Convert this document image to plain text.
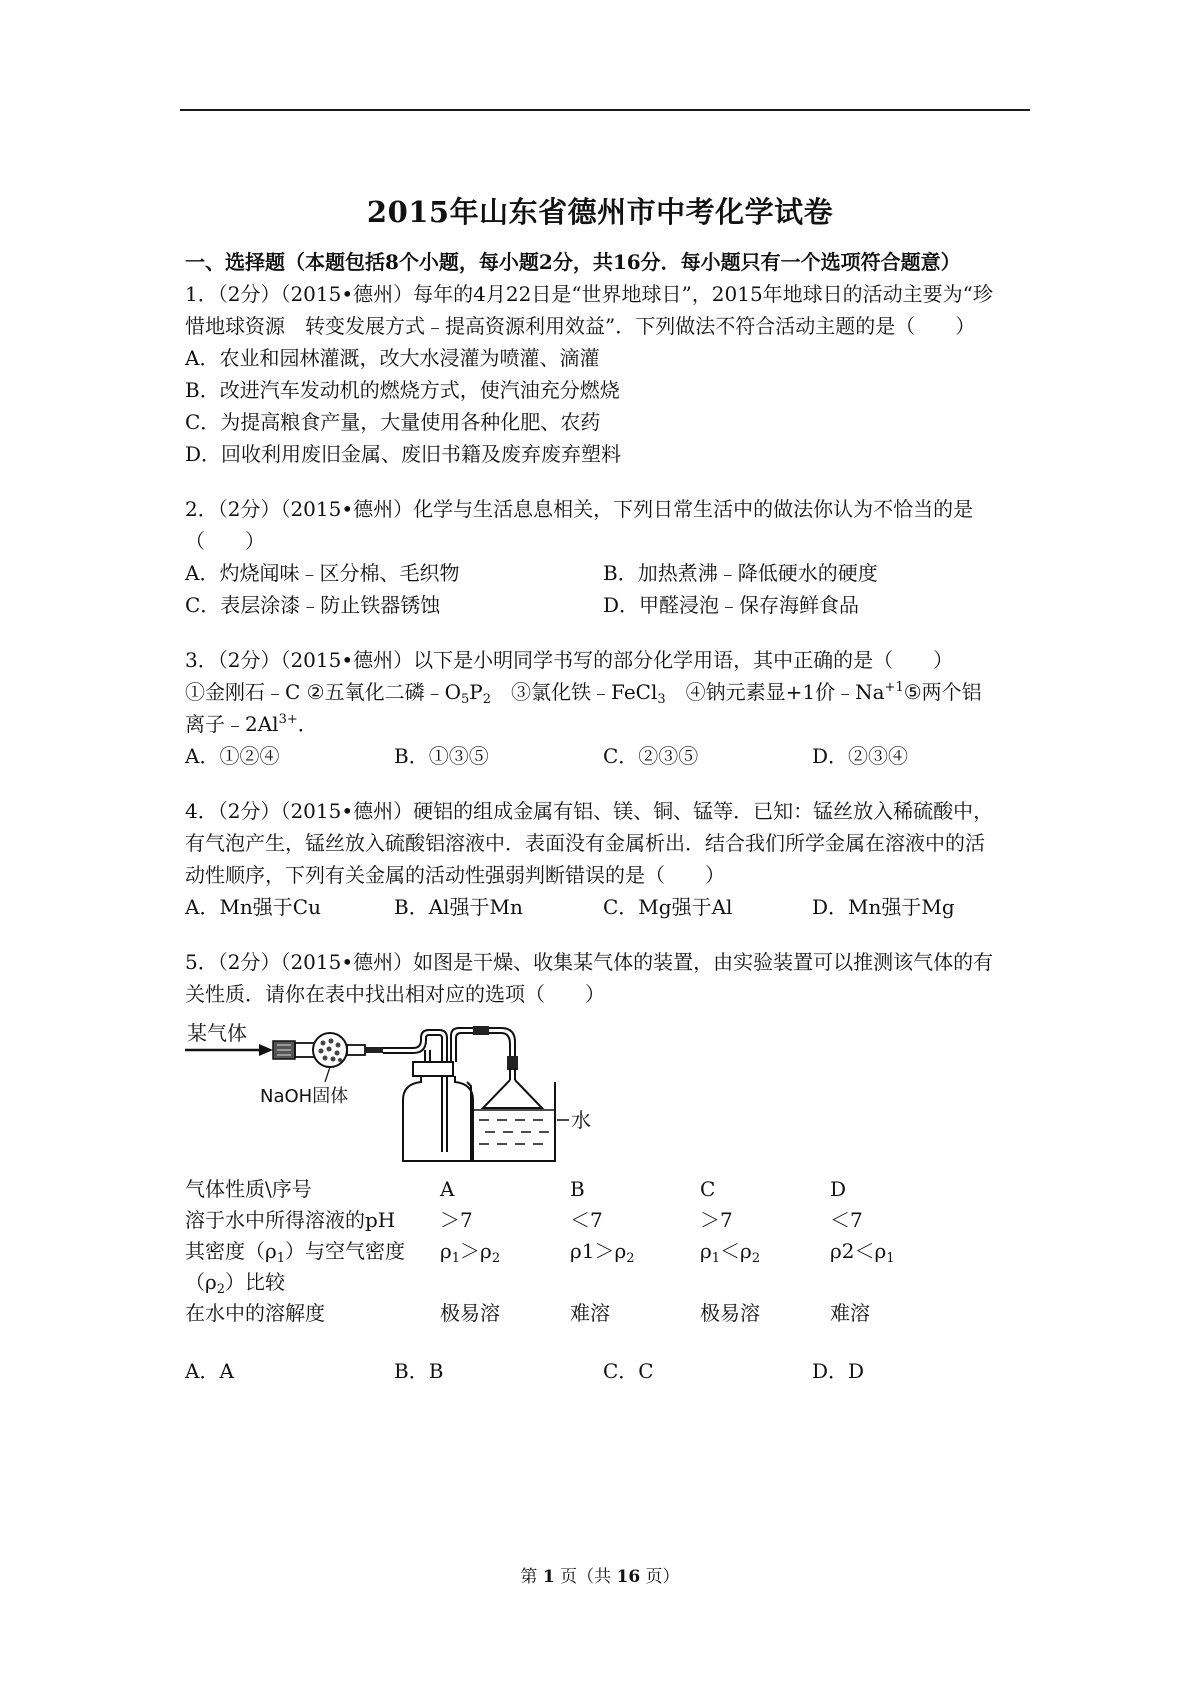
2015年山东省德州市中考化学试卷
一、选择题（本题包括8个小题，每小题2分，共16分．每小题只有一个选项符合题意）
1．（2分）（2015•德州）每年的4月22日是“世界地球日”，2015年地球日的活动主要为“珍
惜地球资源　转变发展方式﹣提高资源利用效益”．下列做法不符合活动主题的是（　　）
A．农业和园林灌溉，改大水浸灌为喷灌、滴灌
B．改进汽车发动机的燃烧方式，使汽油充分燃烧
C．为提高粮食产量，大量使用各种化肥、农药
D．回收利用废旧金属、废旧书籍及废弃废弃塑料
2．（2分）（2015•德州）化学与生活息息相关，下列日常生活中的做法你认为不恰当的是
（　　）
A．灼烧闻味﹣区分棉、毛织物	B．加热煮沸﹣降低硬水的硬度
C．表层涂漆﹣防止铁器锈蚀	D．甲醛浸泡﹣保存海鲜食品
3．（2分）（2015•德州）以下是小明同学书写的部分化学用语，其中正确的是（　　）
①金刚石﹣C ②五氧化二磷$﹣O_5P_2$　③氯化铁﹣FeCl$_3$　④钠元素显+1价$﹣Na^{+1}⑤$两个铝
离子$﹣2Al^{3+}$．
A．①②④	B．①③⑤	C．②③⑤	D．②③④
4．（2分）（2015•德州）硬铝的组成金属有铝、镁、铜、锰等．已知：锰丝放入稀硫酸中，
有气泡产生，锰丝放入硫酸铝溶液中．表面没有金属析出．结合我们所学金属在溶液中的活
动性顺序，下列有关金属的活动性强弱判断错误的是（　　）
A．Mn强于Cu	B．Al强于Mn	C．Mg强于Al	D．Mn强于Mg
5．（2分）（2015•德州）如图是干燥、收集某气体的装置，由实验装置可以推测该气体的有
关性质．请你在表中找出相对应的选项（　　）
某气体
NaOH固体
水
气体性质\序号	A	B	C	D
溶于水中所得溶液的pH	＞7	＜7	＞7	＜7
其密度$(\rho_1)$与空气密度$(\rho_2)$比较
$\rho_1>\rho_2$	$\rho 1>\rho_2$	$\rho_1<\rho_2$	$\rho 2<\rho_1$
在水中的溶解度	极易溶	难溶	极易溶	难溶
A．A	B．B	C．C	D．D
第 1 页（共 16 页）
